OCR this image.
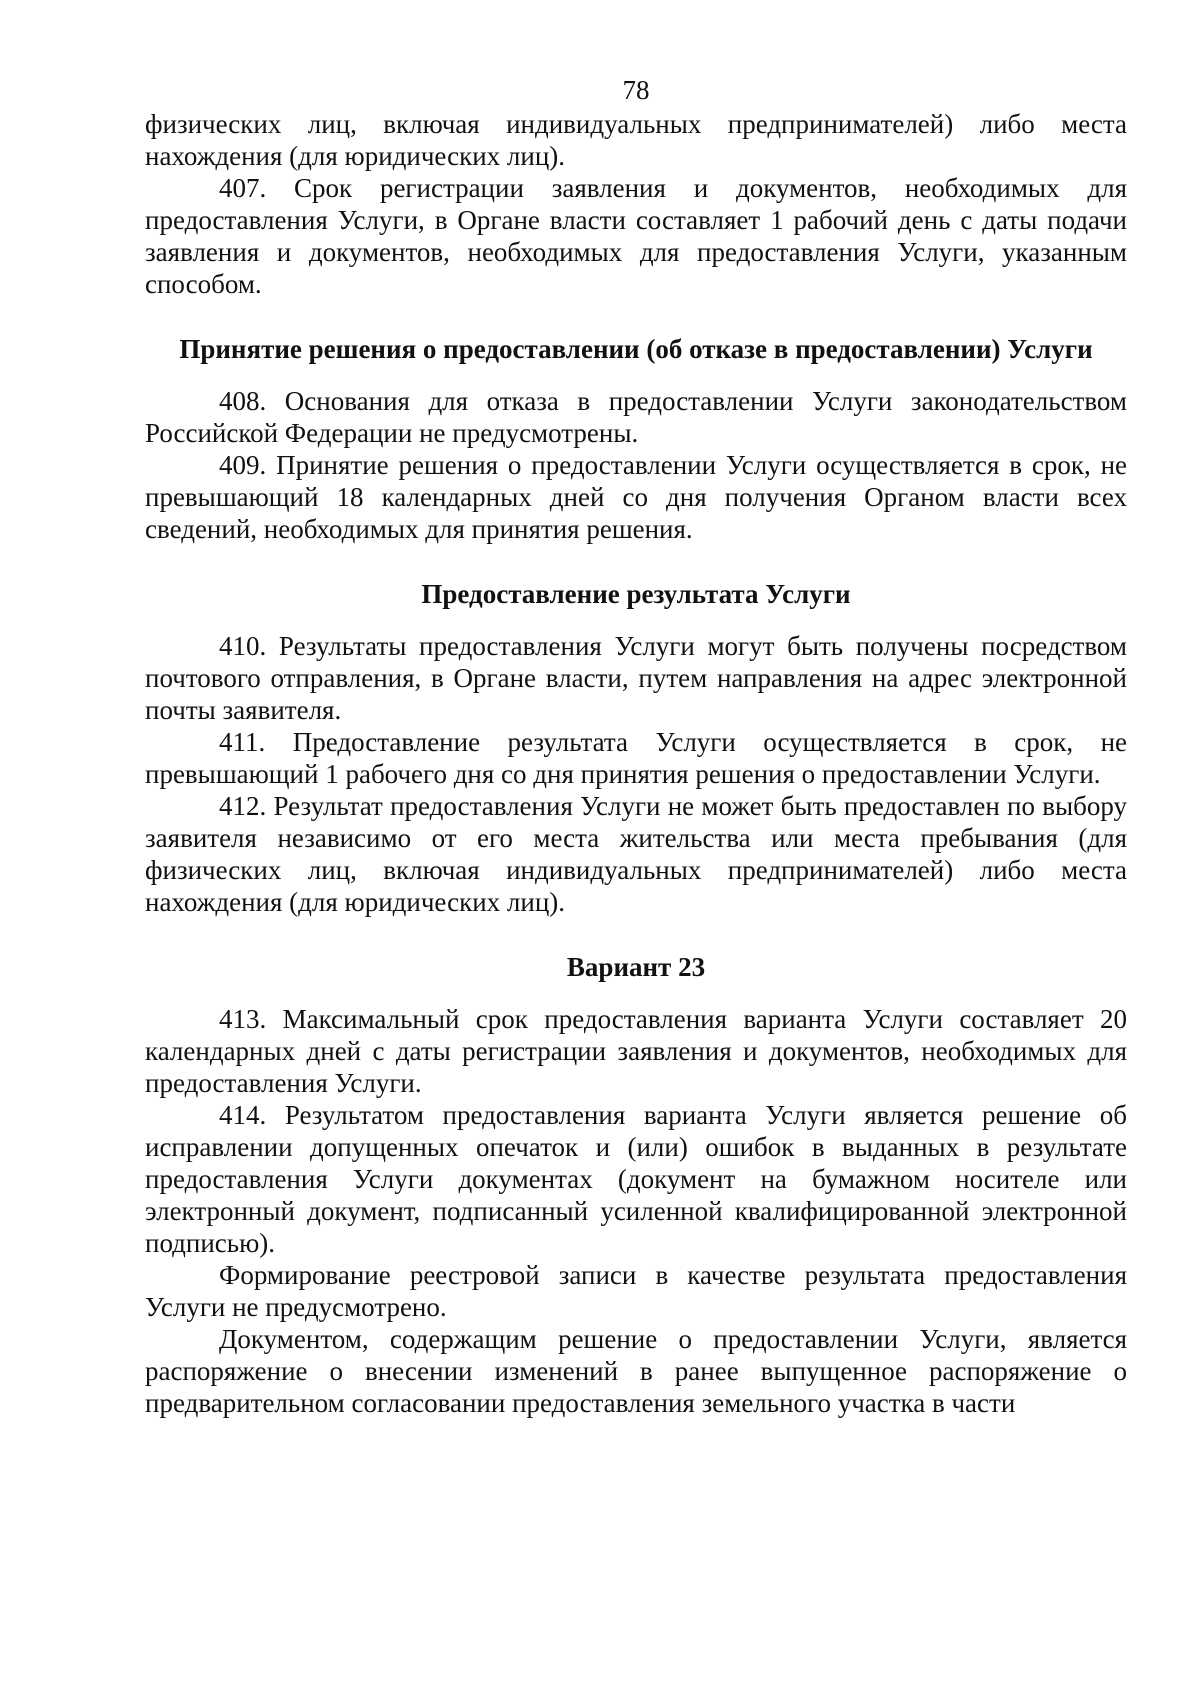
78

физических лиц, включая индивидуальных предпринимателей) либо места нахождения (для юридических лиц).

407. Срок регистрации заявления и документов, необходимых для предоставления Услуги, в Органе власти составляет 1 рабочий день с даты подачи заявления и документов, необходимых для предоставления Услуги, указанным способом.

Принятие решения о предоставлении (об отказе в предоставлении) Услуги

408. Основания для отказа в предоставлении Услуги законодательством Российской Федерации не предусмотрены.

409. Принятие решения о предоставлении Услуги осуществляется в срок, не превышающий 18 календарных дней со дня получения Органом власти всех сведений, необходимых для принятия решения.

Предоставление результата Услуги

410. Результаты предоставления Услуги могут быть получены посредством почтового отправления, в Органе власти, путем направления на адрес электронной почты заявителя.

411. Предоставление результата Услуги осуществляется в срок, не превышающий 1 рабочего дня со дня принятия решения о предоставлении Услуги.

412. Результат предоставления Услуги не может быть предоставлен по выбору заявителя независимо от его места жительства или места пребывания (для физических лиц, включая индивидуальных предпринимателей) либо места нахождения (для юридических лиц).

Вариант 23

413. Максимальный срок предоставления варианта Услуги составляет 20 календарных дней с даты регистрации заявления и документов, необходимых для предоставления Услуги.

414. Результатом предоставления варианта Услуги является решение об исправлении допущенных опечаток и (или) ошибок в выданных в результате предоставления Услуги документах (документ на бумажном носителе или электронный документ, подписанный усиленной квалифицированной электронной подписью).

Формирование реестровой записи в качестве результата предоставления Услуги не предусмотрено.

Документом, содержащим решение о предоставлении Услуги, является распоряжение о внесении изменений в ранее выпущенное распоряжение о предварительном согласовании предоставления земельного участка в части
